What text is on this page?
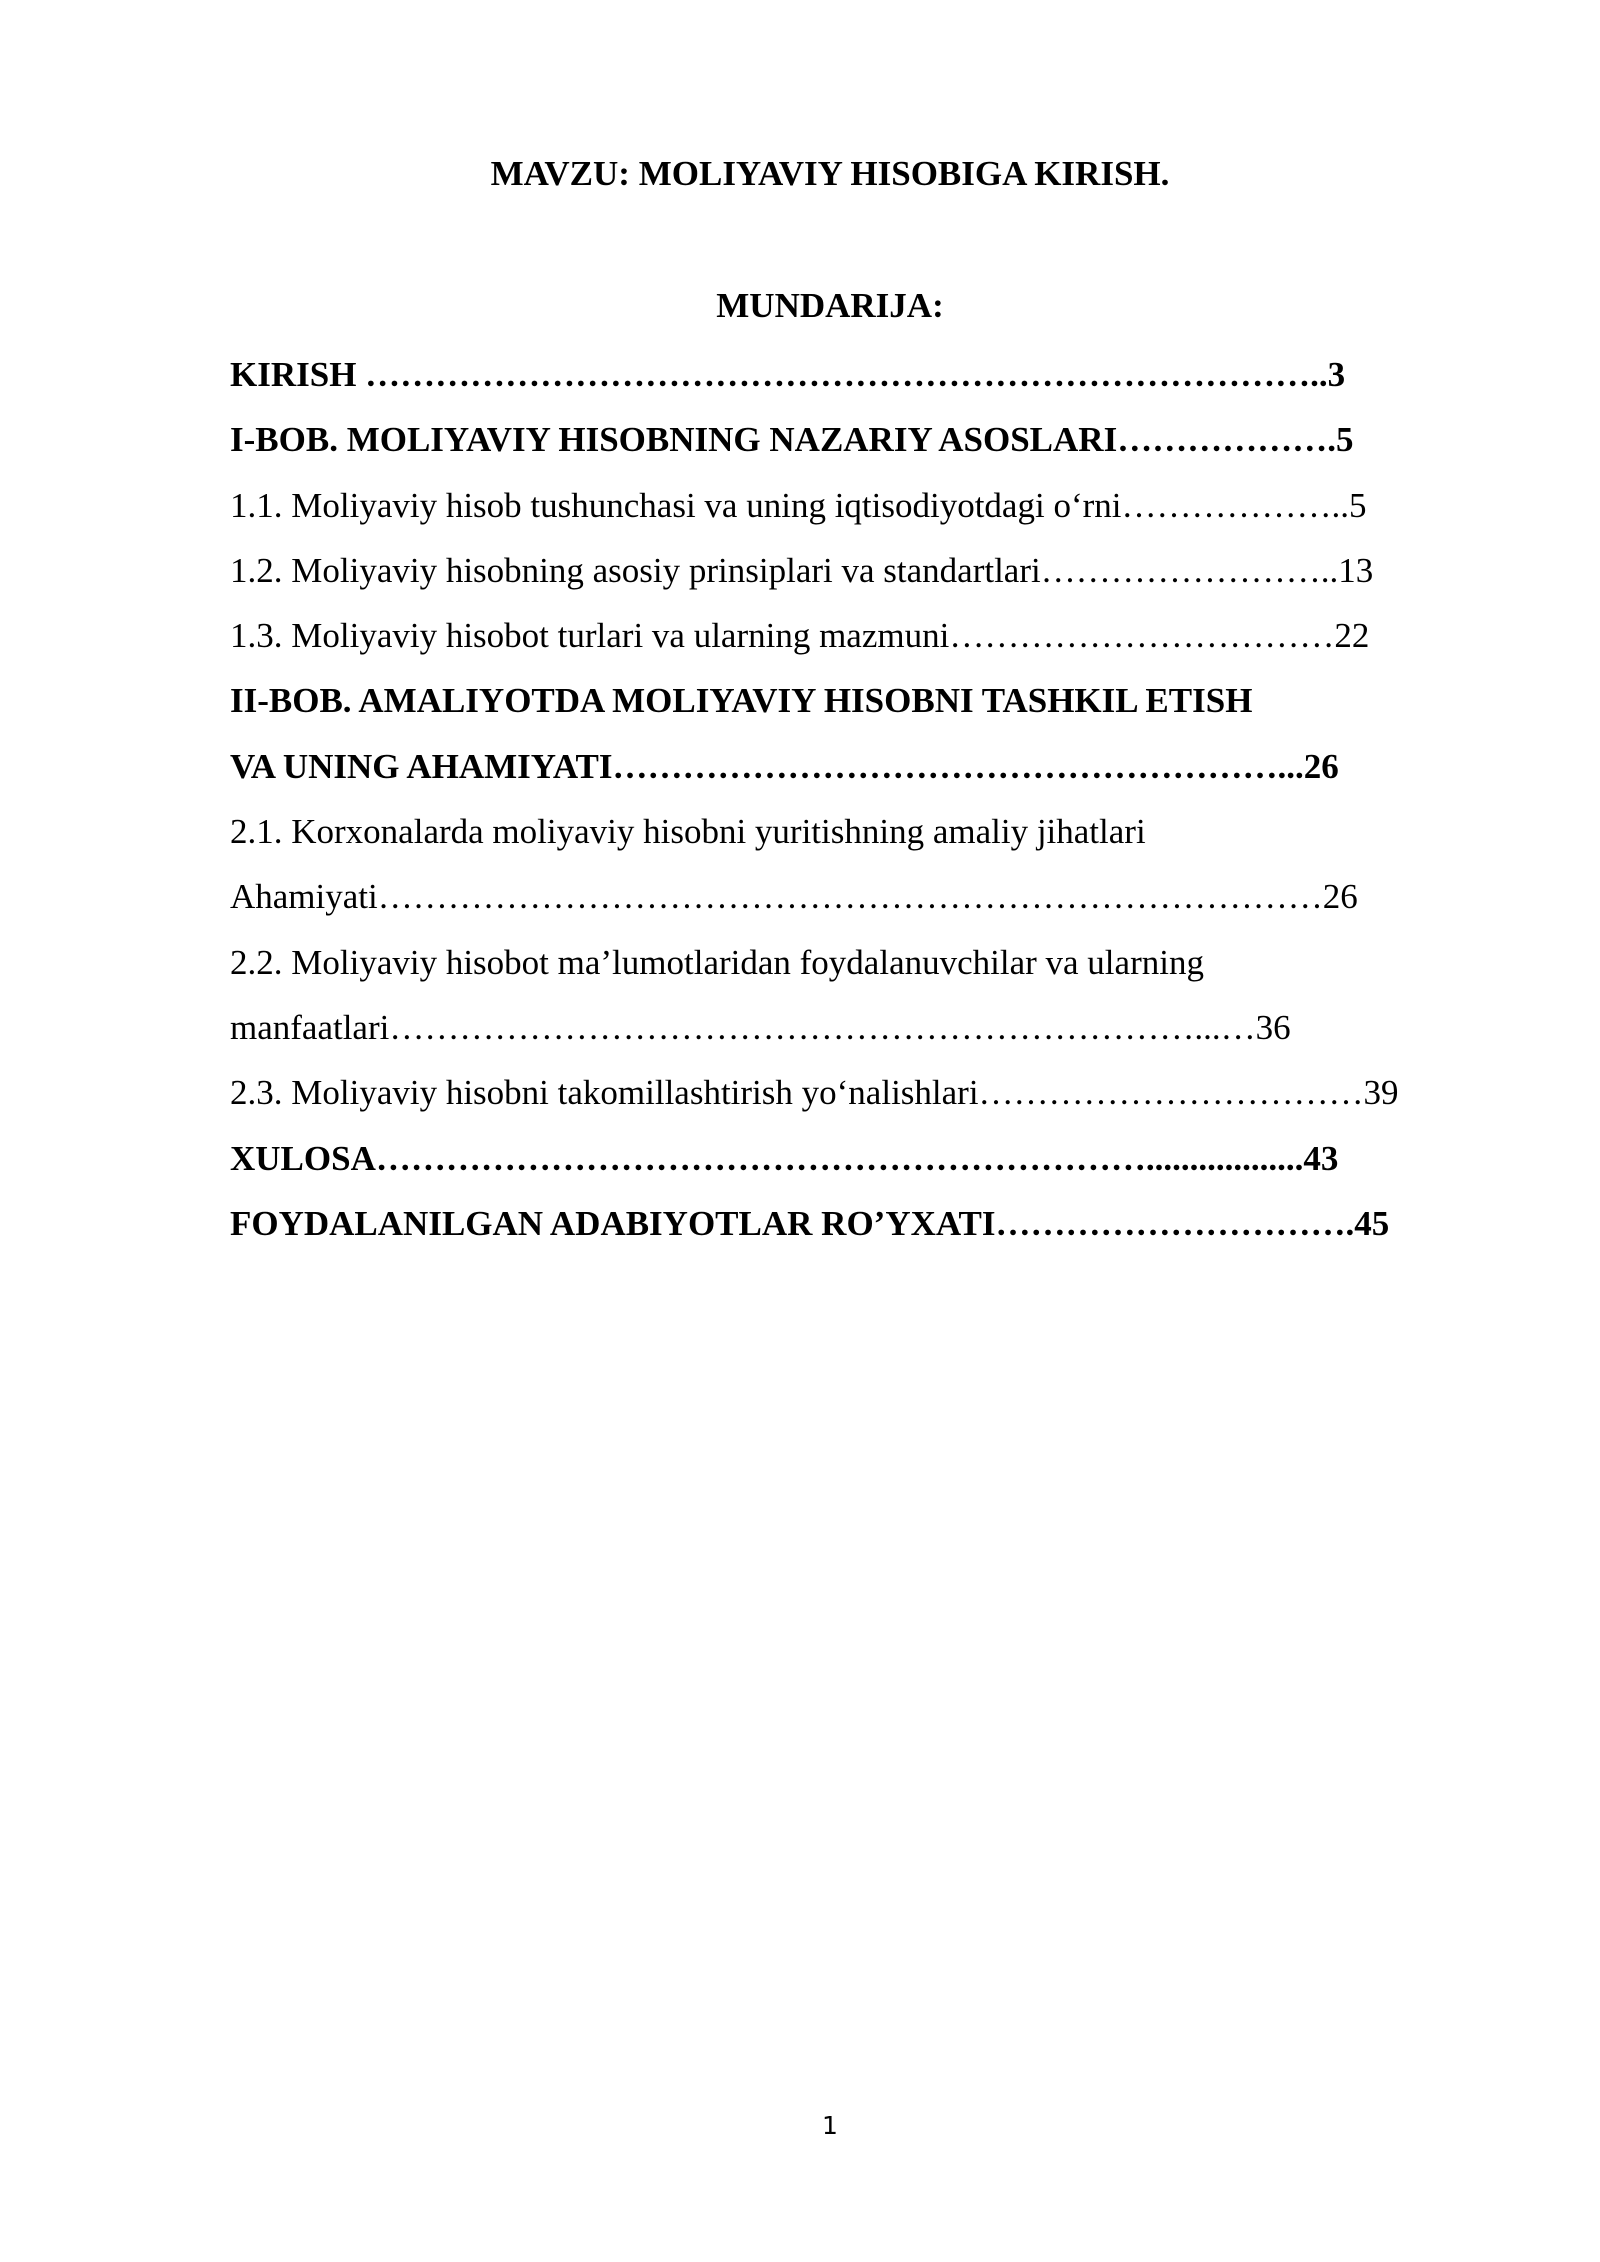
MAVZU: MOLIYAVIY HISOBIGA KIRISH.
MUNDARIJA:
KIRISH ………………………………………………………………………..3
I-BOB. MOLIYAVIY HISOBNING NAZARIY ASOSLARI……………….5
1.1. Moliyaviy hisob tushunchasi va uning iqtisodiyotdagi o‘rni………………..5
1.2. Moliyaviy hisobning asosiy prinsiplari va standartlari……………………..13
1.3. Moliyaviy hisobot turlari va ularning mazmuni……………………………22
II-BOB. AMALIYOTDA MOLIYAVIY HISOBNI TASHKIL ETISH
VA UNING AHAMIYATI…………………………………………………...26
2.1. Korxonalarda moliyaviy hisobni yuritishning amaliy jihatlari
Ahamiyati………………………………………………………………………26
2.2. Moliyaviy hisobot ma’lumotlaridan foydalanuvchilar va ularning
manfaatlari……………………………………………………………...…36
2.3. Moliyaviy hisobni takomillashtirish yo‘nalishlari……………………………39
XULOSA…………………………………………………………..................43
FOYDALANILGAN ADABIYOTLAR RO’YXATI………………………….45
1
